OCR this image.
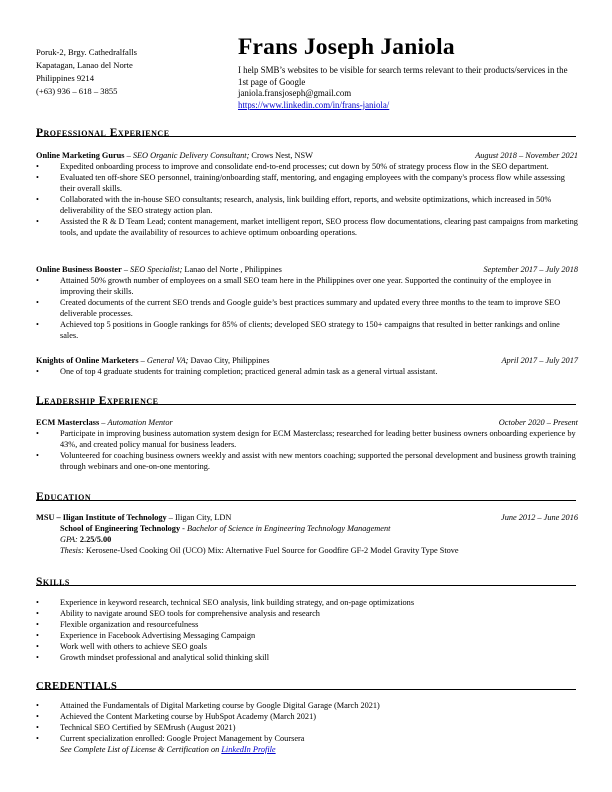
Poruk-2, Brgy. Cathedralfalls
Kapatagan, Lanao del Norte
Philippines 9214
(+63) 936 – 618 – 3855
Frans Joseph Janiola
I help SMB’s websites to be visible for search terms relevant to their products/services in the 1st page of Google
janiola.fransjoseph@gmail.com
https://www.linkedin.com/in/frans-janiola/
Professional Experience
Online Marketing Gurus – SEO Organic Delivery Consultant; Crows Nest, NSW	August 2018 – November 2021
•	Expedited onboarding process to improve and consolidate end-to-end processes; cut down by 50% of strategy process flow in the SEO department.
•	Evaluated ten off-shore SEO personnel, training/onboarding staff, mentoring, and engaging employees with the company's process flow while assessing their overall skills.
•	Collaborated with the in-house SEO consultants; research, analysis, link building effort, reports, and website optimizations, which increased in 50% deliverability of the SEO strategy action plan.
•	Assisted the R & D Team Lead; content management, market intelligent report, SEO process flow documentations, clearing past campaigns from marketing tools, and update the availability of resources to achieve optimum onboarding operations.
Online Business Booster – SEO Specialist; Lanao del Norte , Philippines	September 2017 – July 2018
•	Attained 50% growth number of employees on a small SEO team here in the Philippines over one year. Supported the continuity of the employee in improving their skills.
•	Created documents of the current SEO trends and Google guide’s best practices summary and updated every three months to the team to improve SEO deliverable processes.
•	Achieved top 5 positions in Google rankings for 85% of clients; developed SEO strategy to 150+ campaigns that resulted in better rankings and online sales.
Knights of Online Marketers – General VA; Davao City, Philippines	April 2017 – July 2017
•	One of top 4 graduate students for training completion; practiced general admin task as a general virtual assistant.
Leadership Experience
ECM Masterclass – Automation Mentor	October 2020 – Present
•	Participate in improving business automation system design for ECM Masterclass; researched for leading better business owners onboarding experience by 43%, and created policy manual for business leaders.
•	Volunteered for coaching business owners weekly and assist with new mentors coaching; supported the personal development and business growth training through webinars and one-on-one mentoring.
Education
MSU – Iligan Institute of Technology – Iligan City, LDN	June 2012 – June 2016
School of Engineering Technology - Bachelor of Science in Engineering Technology Management
GPA: 2.25/5.00
Thesis: Kerosene-Used Cooking Oil (UCO) Mix: Alternative Fuel Source for Goodfire GF-2 Model Gravity Type Stove
Skills
•	Experience in keyword research, technical SEO analysis, link building strategy, and on-page optimizations
•	Ability to navigate around SEO tools for comprehensive analysis and research
•	Flexible organization and resourcefulness
•	Experience in Facebook Advertising Messaging Campaign
•	Work well with others to achieve SEO goals
•	Growth mindset professional and analytical solid thinking skill
CREDENTIALS
•	Attained the Fundamentals of Digital Marketing course by Google Digital Garage (March 2021)
•	Achieved the Content Marketing course by HubSpot Academy (March 2021)
•	Technical SEO Certified by SEMrush (August 2021)
•	Current specialization enrolled: Google Project Management by Coursera
See Complete List of License & Certification on LinkedIn Profile
